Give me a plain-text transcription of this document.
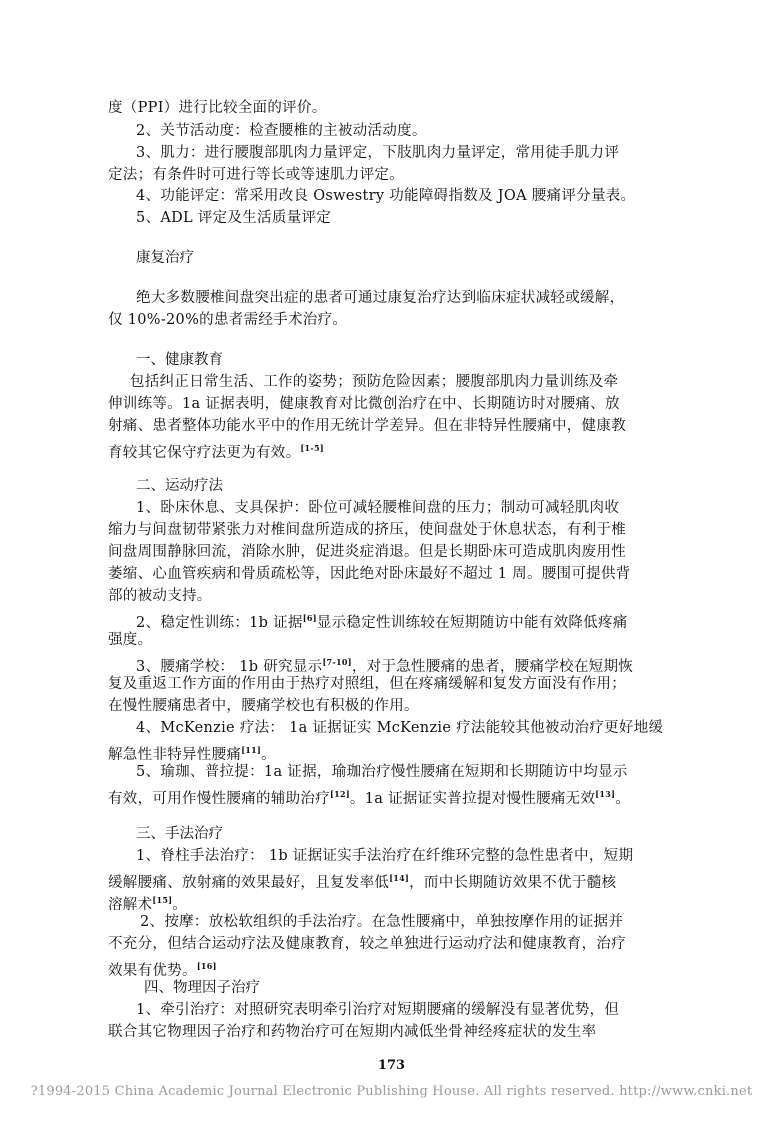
度（PPI）进行比较全面的评价。
2、关节活动度：检查腰椎的主被动活动度。
3、肌力：进行腰腹部肌肉力量评定，下肢肌肉力量评定，常用徒手肌力评
定法；有条件时可进行等长或等速肌力评定。
4、功能评定：常采用改良 Oswestry 功能障碍指数及 JOA 腰痛评分量表。
5、ADL 评定及生活质量评定
康复治疗
绝大多数腰椎间盘突出症的患者可通过康复治疗达到临床症状减轻或缓解，
仅 10%-20%的患者需经手术治疗。
一、健康教育
包括纠正日常生活、工作的姿势；预防危险因素；腰腹部肌肉力量训练及牵
伸训练等。1a 证据表明，健康教育对比微创治疗在中、长期随访时对腰痛、放
射痛、患者整体功能水平中的作用无统计学差异。但在非特异性腰痛中，健康教
育较其它保守疗法更为有效。[1-5]
二、运动疗法
1、卧床休息、支具保护：卧位可减轻腰椎间盘的压力；制动可减轻肌肉收
缩力与间盘韧带紧张力对椎间盘所造成的挤压，使间盘处于休息状态，有利于椎
间盘周围静脉回流，消除水肿，促进炎症消退。但是长期卧床可造成肌肉废用性
萎缩、心血管疾病和骨质疏松等，因此绝对卧床最好不超过 1 周。腰围可提供背
部的被动支持。
2、稳定性训练：1b 证据[6]显示稳定性训练较在短期随访中能有效降低疼痛
强度。
3、腰痛学校： 1b 研究显示[7-10]，对于急性腰痛的患者，腰痛学校在短期恢
复及重返工作方面的作用由于热疗对照组，但在疼痛缓解和复发方面没有作用；
在慢性腰痛患者中，腰痛学校也有积极的作用。
4、McKenzie 疗法： 1a 证据证实 McKenzie 疗法能较其他被动治疗更好地缓
解急性非特异性腰痛[11]。
5、瑜珈、普拉提：1a 证据，瑜珈治疗慢性腰痛在短期和长期随访中均显示
有效，可用作慢性腰痛的辅助治疗[12]。1a 证据证实普拉提对慢性腰痛无效[13]。
三、手法治疗
1、脊柱手法治疗： 1b 证据证实手法治疗在纤维环完整的急性患者中，短期
缓解腰痛、放射痛的效果最好，且复发率低[14]，而中长期随访效果不优于髓核
溶解术[15]。
2、按摩：放松软组织的手法治疗。在急性腰痛中，单独按摩作用的证据并
不充分，但结合运动疗法及健康教育，较之单独进行运动疗法和健康教育，治疗
效果有优势。[16]
四、物理因子治疗
1、牵引治疗：对照研究表明牵引治疗对短期腰痛的缓解没有显著优势，但
联合其它物理因子治疗和药物治疗可在短期内减低坐骨神经疼症状的发生率
173
?1994-2015 China Academic Journal Electronic Publishing House. All rights reserved. http://www.cnki.net
